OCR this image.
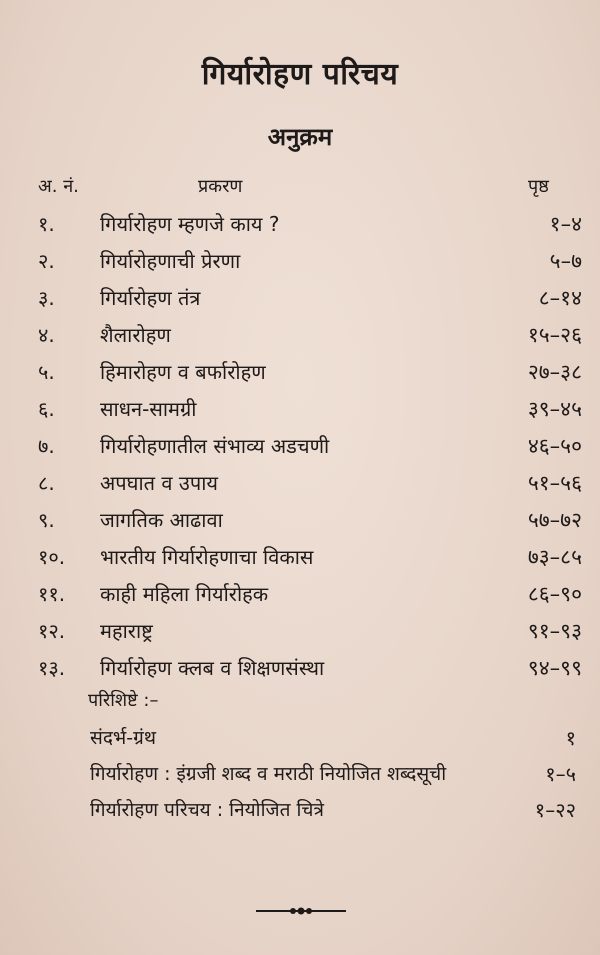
गिर्यारोहण परिचय
अनुक्रम
अ. नं.	प्रकरण	पृष्ठ
१.	गिर्यारोहण म्हणजे काय ?	१–४
२.	गिर्यारोहणाची प्रेरणा	५–७
३.	गिर्यारोहण तंत्र	८–१४
४.	शैलारोहण	१५–२६
५.	हिमारोहण व बर्फारोहण	२७–३८
६.	साधन-सामग्री	३९–४५
७.	गिर्यारोहणातील संभाव्य अडचणी	४६–५०
८.	अपघात व उपाय	५१–५६
९.	जागतिक आढावा	५७–७२
१०.	भारतीय गिर्यारोहणाचा विकास	७३–८५
११.	काही महिला गिर्यारोहक	८६–९०
१२.	महाराष्ट्र	९१–९३
१३.	गिर्यारोहण क्लब व शिक्षणसंस्था	९४–९९
परिशिष्टे :–
संदर्भ-ग्रंथ	१
गिर्यारोहण : इंग्रजी शब्द व मराठी नियोजित शब्दसूची	१–५
गिर्यारोहण परिचय : नियोजित चित्रे	१–२२
